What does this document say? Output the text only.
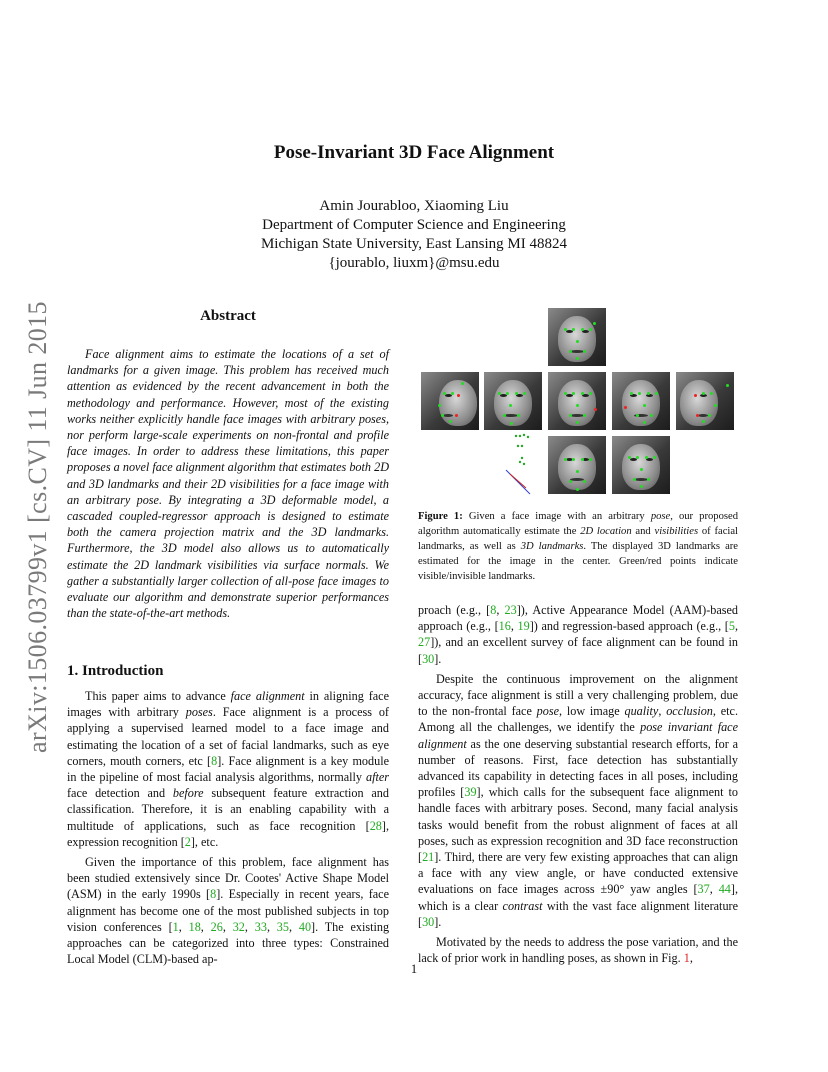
arXiv:1506.03799v1 [cs.CV] 11 Jun 2015
Pose-Invariant 3D Face Alignment
Amin Jourabloo, Xiaoming Liu
Department of Computer Science and Engineering
Michigan State University, East Lansing MI 48824
{jourablo, liuxm}@msu.edu
Abstract
Face alignment aims to estimate the locations of a set of landmarks for a given image. This problem has received much attention as evidenced by the recent advancement in both the methodology and performance. However, most of the existing works neither explicitly handle face images with arbitrary poses, nor perform large-scale experiments on non-frontal and profile face images. In order to address these limitations, this paper proposes a novel face alignment algorithm that estimates both 2D and 3D landmarks and their 2D visibilities for a face image with an arbitrary pose. By integrating a 3D deformable model, a cascaded coupled-regressor approach is designed to estimate both the camera projection matrix and the 3D landmarks. Furthermore, the 3D model also allows us to automatically estimate the 2D landmark visibilities via surface normals. We gather a substantially larger collection of all-pose face images to evaluate our algorithm and demonstrate superior performances than the state-of-the-art methods.
1. Introduction

This paper aims to advance face alignment in aligning face images with arbitrary poses. Face alignment is a process of applying a supervised learned model to a face image and estimating the location of a set of facial landmarks, such as eye corners, mouth corners, etc [8]. Face alignment is a key module in the pipeline of most facial analysis algorithms, normally after face detection and before subsequent feature extraction and classification. Therefore, it is an enabling capability with a multitude of applications, such as face recognition [28], expression recognition [2], etc.

Given the importance of this problem, face alignment has been studied extensively since Dr. Cootes' Active Shape Model (ASM) in the early 1990s [8]. Especially in recent years, face alignment has become one of the most published subjects in top vision conferences [1, 18, 26, 32, 33, 35, 40]. The existing approaches can be categorized into three types: Constrained Local Model (CLM)-based ap-

Figure 1: Given a face image with an arbitrary pose, our proposed algorithm automatically estimate the 2D location and visibilities of facial landmarks, as well as 3D landmarks. The displayed 3D landmarks are estimated for the image in the center. Green/red points indicate visible/invisible landmarks.

proach (e.g., [8, 23]), Active Appearance Model (AAM)-based approach (e.g., [16, 19]) and regression-based approach (e.g., [5, 27]), and an excellent survey of face alignment can be found in [30].

Despite the continuous improvement on the alignment accuracy, face alignment is still a very challenging problem, due to the non-frontal face pose, low image quality, occlusion, etc. Among all the challenges, we identify the pose invariant face alignment as the one deserving substantial research efforts, for a number of reasons. First, face detection has substantially advanced its capability in detecting faces in all poses, including profiles [39], which calls for the subsequent face alignment to handle faces with arbitrary poses. Second, many facial analysis tasks would benefit from the robust alignment of faces at all poses, such as expression recognition and 3D face reconstruction [21]. Third, there are very few existing approaches that can align a face with any view angle, or have conducted extensive evaluations on face images across ±90° yaw angles [37, 44], which is a clear contrast with the vast face alignment literature [30].

Motivated by the needs to address the pose variation, and the lack of prior work in handling poses, as shown in Fig. 1,

1
